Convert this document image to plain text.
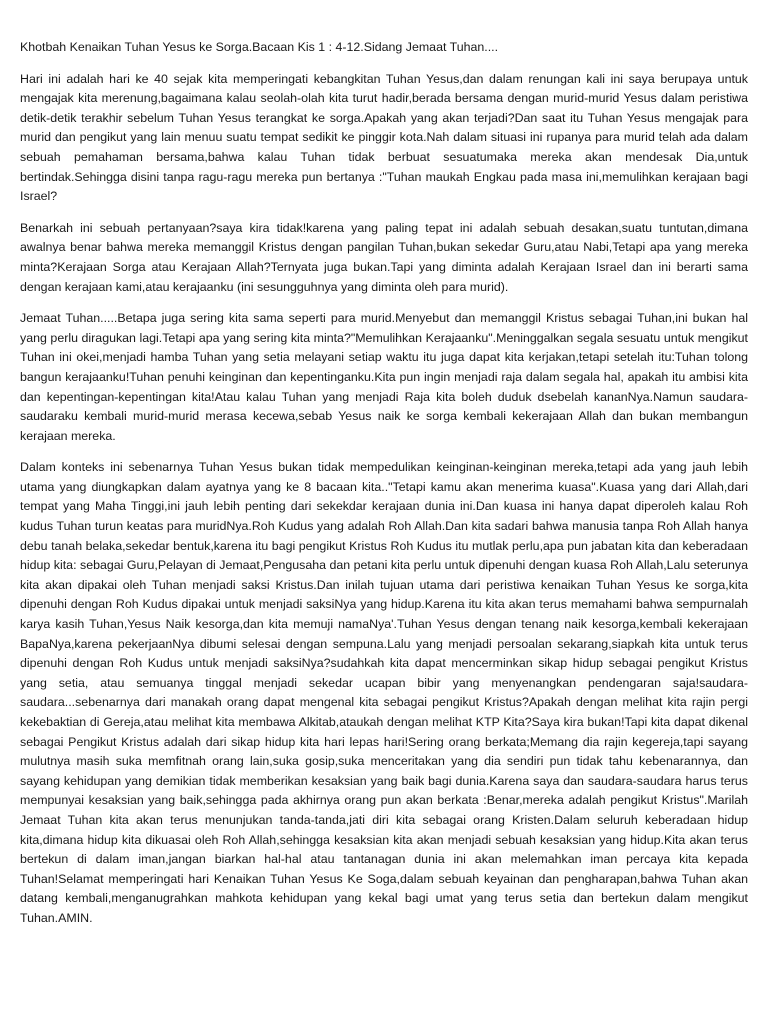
Khotbah Kenaikan Tuhan Yesus ke Sorga.Bacaan Kis 1 : 4-12.Sidang Jemaat Tuhan....

Hari ini adalah hari ke 40 sejak kita memperingati kebangkitan Tuhan Yesus,dan dalam renungan kali ini saya berupaya untuk mengajak kita merenung,bagaimana kalau seolah-olah kita turut hadir,berada bersama dengan murid-murid Yesus dalam peristiwa detik-detik terakhir sebelum Tuhan Yesus terangkat ke sorga.Apakah yang akan terjadi?Dan saat itu Tuhan Yesus mengajak para murid dan pengikut yang lain menuu suatu tempat sedikit ke pinggir kota.Nah dalam situasi ini rupanya para murid telah ada dalam sebuah pemahaman bersama,bahwa kalau Tuhan tidak berbuat sesuatumaka mereka akan mendesak Dia,untuk bertindak.Sehingga disini tanpa ragu-ragu mereka pun bertanya :"Tuhan maukah Engkau pada masa ini,memulihkan kerajaan bagi Israel?

Benarkah ini sebuah pertanyaan?saya kira tidak!karena yang paling tepat ini adalah sebuah desakan,suatu tuntutan,dimana awalnya benar bahwa mereka memanggil Kristus dengan pangilan Tuhan,bukan sekedar Guru,atau Nabi,Tetapi apa yang mereka minta?Kerajaan Sorga atau Kerajaan Allah?Ternyata juga bukan.Tapi yang diminta adalah Kerajaan Israel dan ini berarti sama dengan kerajaan kami,atau kerajaanku (ini sesungguhnya yang diminta oleh para murid).

Jemaat Tuhan.....Betapa juga sering kita sama seperti para murid.Menyebut dan memanggil Kristus sebagai Tuhan,ini bukan hal yang perlu diragukan lagi.Tetapi apa yang sering kita minta?"Memulihkan Kerajaanku".Meninggalkan segala sesuatu untuk mengikut Tuhan ini okei,menjadi hamba Tuhan yang setia melayani setiap waktu itu juga dapat kita kerjakan,tetapi setelah itu:Tuhan tolong bangun kerajaanku!Tuhan penuhi keinginan dan kepentinganku.Kita pun ingin menjadi raja dalam segala hal, apakah itu ambisi kita dan kepentingan-kepentingan kita!Atau kalau Tuhan yang menjadi Raja kita boleh duduk dsebelah kananNya.Namun saudara-saudaraku kembali murid-murid merasa kecewa,sebab Yesus naik ke sorga kembali kekerajaan Allah dan bukan membangun kerajaan mereka.

Dalam konteks ini sebenarnya Tuhan Yesus bukan tidak mempedulikan keinginan-keinginan mereka,tetapi ada yang jauh lebih utama yang diungkapkan dalam ayatnya yang ke 8 bacaan kita.."Tetapi kamu akan menerima kuasa".Kuasa yang dari Allah,dari tempat yang Maha Tinggi,ini jauh lebih penting dari sekekdar kerajaan dunia ini.Dan kuasa ini hanya dapat diperoleh kalau Roh kudus Tuhan turun keatas para muridNya.Roh Kudus yang adalah Roh Allah.Dan kita sadari bahwa manusia tanpa Roh Allah hanya debu tanah belaka,sekedar bentuk,karena itu bagi pengikut Kristus Roh Kudus itu mutlak perlu,apa pun jabatan kita dan keberadaan hidup kita: sebagai Guru,Pelayan di Jemaat,Pengusaha dan petani kita perlu untuk dipenuhi dengan kuasa Roh Allah,Lalu seterunya kita akan dipakai oleh Tuhan menjadi saksi Kristus.Dan inilah tujuan utama dari peristiwa kenaikan Tuhan Yesus ke sorga,kita dipenuhi dengan Roh Kudus dipakai untuk menjadi saksiNya yang hidup.Karena itu kita akan terus memahami bahwa sempurnalah karya kasih Tuhan,Yesus Naik kesorga,dan kita memuji namaNya'.Tuhan Yesus dengan tenang naik kesorga,kembali kekerajaan BapaNya,karena pekerjaanNya dibumi selesai dengan sempuna.Lalu yang menjadi persoalan sekarang,siapkah kita untuk terus dipenuhi dengan Roh Kudus untuk menjadi saksiNya?sudahkah kita dapat mencerminkan sikap hidup sebagai pengikut Kristus yang setia, atau semuanya tinggal menjadi sekedar ucapan bibir yang menyenangkan pendengaran saja!saudara-saudara...sebenarnya dari manakah orang dapat mengenal kita sebagai pengikut Kristus?Apakah dengan melihat kita rajin pergi kekebaktian di Gereja,atau melihat kita membawa Alkitab,ataukah dengan melihat KTP Kita?Saya kira bukan!Tapi kita dapat dikenal sebagai Pengikut Kristus adalah dari sikap hidup kita hari lepas hari!Sering orang berkata;Memang dia rajin kegereja,tapi sayang mulutnya masih suka memfitnah orang lain,suka gosip,suka menceritakan yang dia sendiri pun tidak tahu kebenarannya, dan sayang kehidupan yang demikian tidak memberikan kesaksian yang baik bagi dunia.Karena saya dan saudara-saudara harus terus mempunyai kesaksian yang baik,sehingga pada akhirnya orang pun akan berkata :Benar,mereka adalah pengikut Kristus".Marilah Jemaat Tuhan kita akan terus menunjukan tanda-tanda,jati diri kita sebagai orang Kristen.Dalam seluruh keberadaan hidup kita,dimana hidup kita dikuasai oleh Roh Allah,sehingga kesaksian kita akan menjadi sebuah kesaksian yang hidup.Kita akan terus bertekun di dalam iman,jangan biarkan hal-hal atau tantanagan dunia ini akan melemahkan iman percaya kita kepada Tuhan!Selamat memperingati hari Kenaikan Tuhan Yesus Ke Soga,dalam sebuah keyainan dan pengharapan,bahwa Tuhan akan datang kembali,menganugrahkan mahkota kehidupan yang kekal bagi umat yang terus setia dan bertekun dalam mengikut Tuhan.AMIN.
